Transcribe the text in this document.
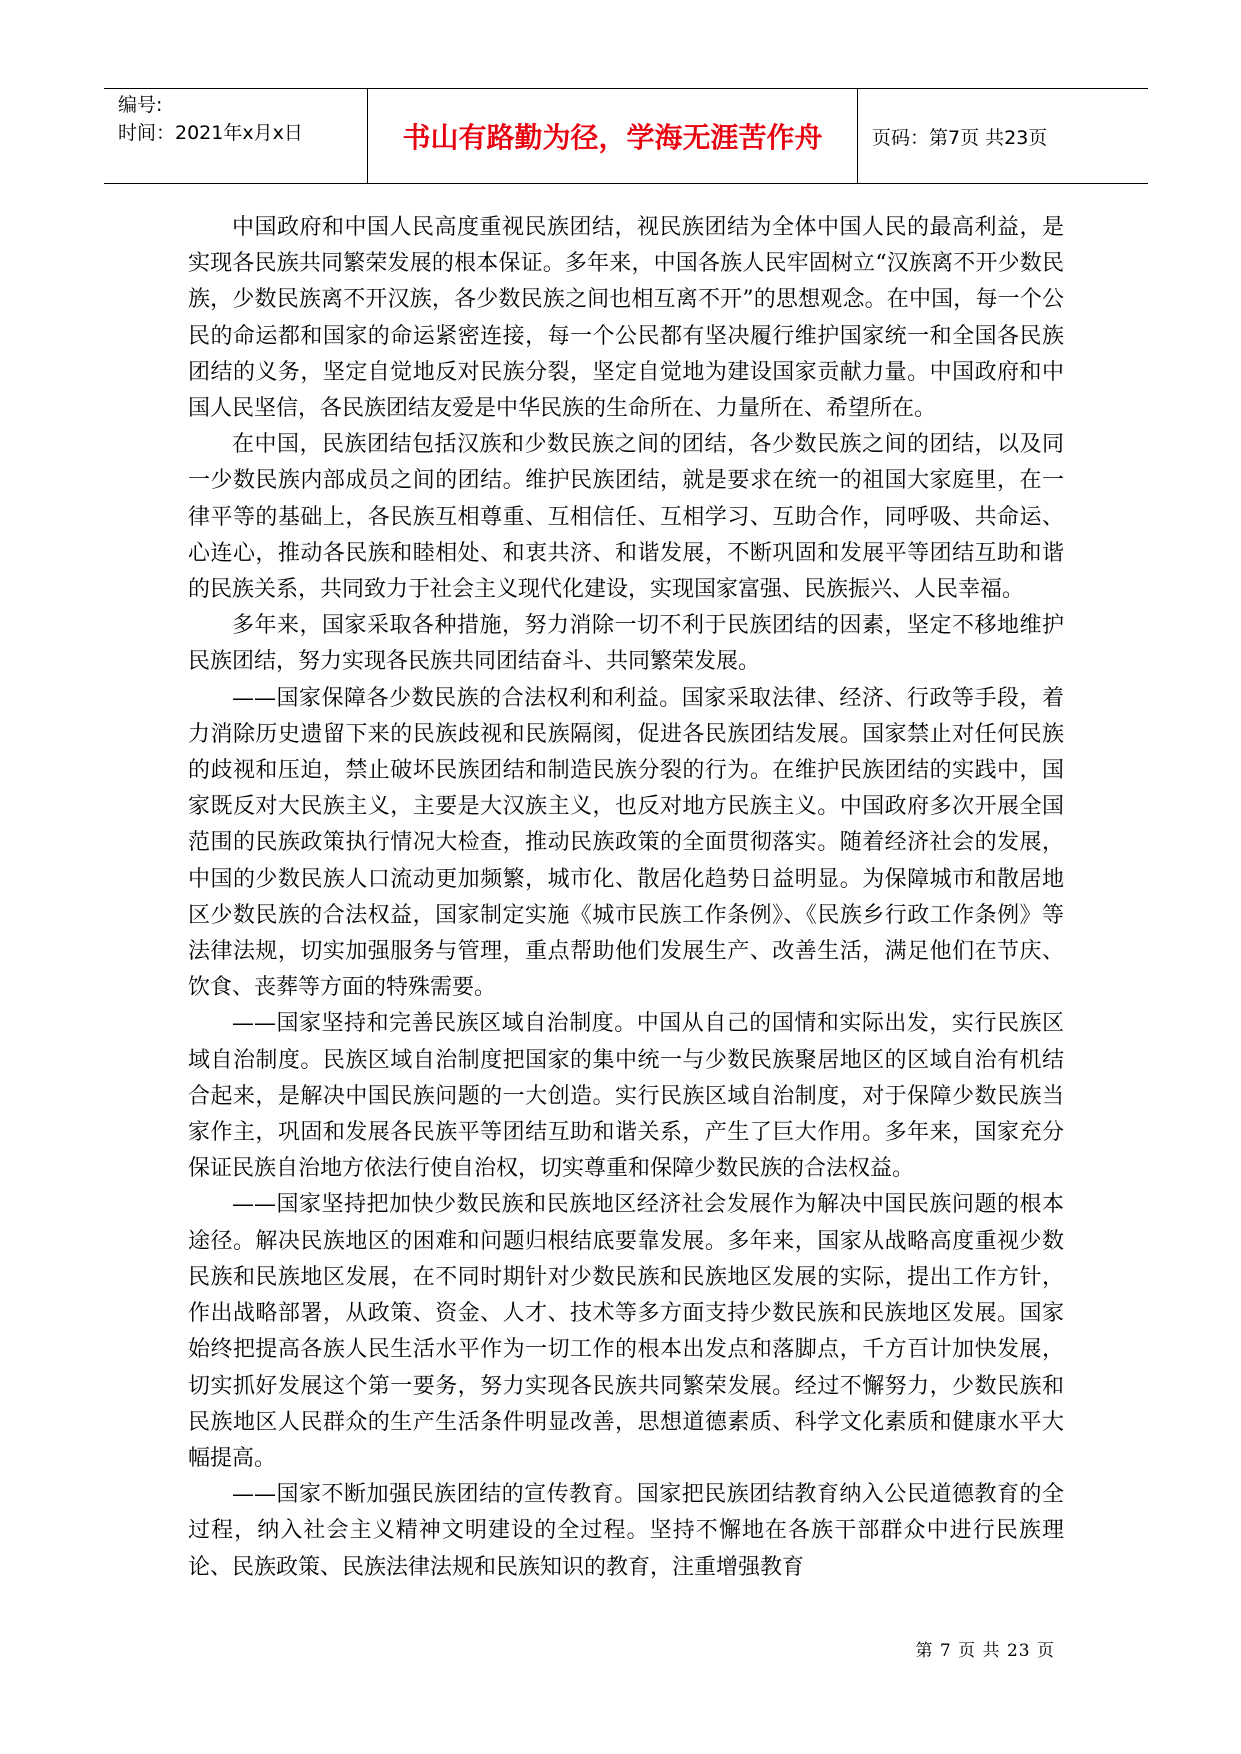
编号:
时间：2021年x月x日	书山有路勤为径，学海无涯苦作舟	页码：第7页 共23页

中国政府和中国人民高度重视民族团结，视民族团结为全体中国人民的最高利益，是实现各民族共同繁荣发展的根本保证。多年来，中国各族人民牢固树立“汉族离不开少数民族，少数民族离不开汉族，各少数民族之间也相互离不开”的思想观念。在中国，每一个公民的命运都和国家的命运紧密连接，每一个公民都有坚决履行维护国家统一和全国各民族团结的义务，坚定自觉地反对民族分裂，坚定自觉地为建设国家贡献力量。中国政府和中国人民坚信，各民族团结友爱是中华民族的生命所在、力量所在、希望所在。

在中国，民族团结包括汉族和少数民族之间的团结，各少数民族之间的团结，以及同一少数民族内部成员之间的团结。维护民族团结，就是要求在统一的祖国大家庭里，在一律平等的基础上，各民族互相尊重、互相信任、互相学习、互助合作，同呼吸、共命运、心连心，推动各民族和睦相处、和衷共济、和谐发展，不断巩固和发展平等团结互助和谐的民族关系，共同致力于社会主义现代化建设，实现国家富强、民族振兴、人民幸福。

多年来，国家采取各种措施，努力消除一切不利于民族团结的因素，坚定不移地维护民族团结，努力实现各民族共同团结奋斗、共同繁荣发展。

——国家保障各少数民族的合法权利和利益。国家采取法律、经济、行政等手段，着力消除历史遗留下来的民族歧视和民族隔阂，促进各民族团结发展。国家禁止对任何民族的歧视和压迫，禁止破坏民族团结和制造民族分裂的行为。在维护民族团结的实践中，国家既反对大民族主义，主要是大汉族主义，也反对地方民族主义。中国政府多次开展全国范围的民族政策执行情况大检查，推动民族政策的全面贯彻落实。随着经济社会的发展，中国的少数民族人口流动更加频繁，城市化、散居化趋势日益明显。为保障城市和散居地区少数民族的合法权益，国家制定实施《城市民族工作条例》、《民族乡行政工作条例》等法律法规，切实加强服务与管理，重点帮助他们发展生产、改善生活，满足他们在节庆、饮食、丧葬等方面的特殊需要。

——国家坚持和完善民族区域自治制度。中国从自己的国情和实际出发，实行民族区域自治制度。民族区域自治制度把国家的集中统一与少数民族聚居地区的区域自治有机结合起来，是解决中国民族问题的一大创造。实行民族区域自治制度，对于保障少数民族当家作主，巩固和发展各民族平等团结互助和谐关系，产生了巨大作用。多年来，国家充分保证民族自治地方依法行使自治权，切实尊重和保障少数民族的合法权益。

——国家坚持把加快少数民族和民族地区经济社会发展作为解决中国民族问题的根本途径。解决民族地区的困难和问题归根结底要靠发展。多年来，国家从战略高度重视少数民族和民族地区发展，在不同时期针对少数民族和民族地区发展的实际，提出工作方针，作出战略部署，从政策、资金、人才、技术等多方面支持少数民族和民族地区发展。国家始终把提高各族人民生活水平作为一切工作的根本出发点和落脚点，千方百计加快发展，切实抓好发展这个第一要务，努力实现各民族共同繁荣发展。经过不懈努力，少数民族和民族地区人民群众的生产生活条件明显改善，思想道德素质、科学文化素质和健康水平大幅提高。

——国家不断加强民族团结的宣传教育。国家把民族团结教育纳入公民道德教育的全过程，纳入社会主义精神文明建设的全过程。坚持不懈地在各族干部群众中进行民族理论、民族政策、民族法律法规和民族知识的教育，注重增强教育

第 7 页 共 23 页
